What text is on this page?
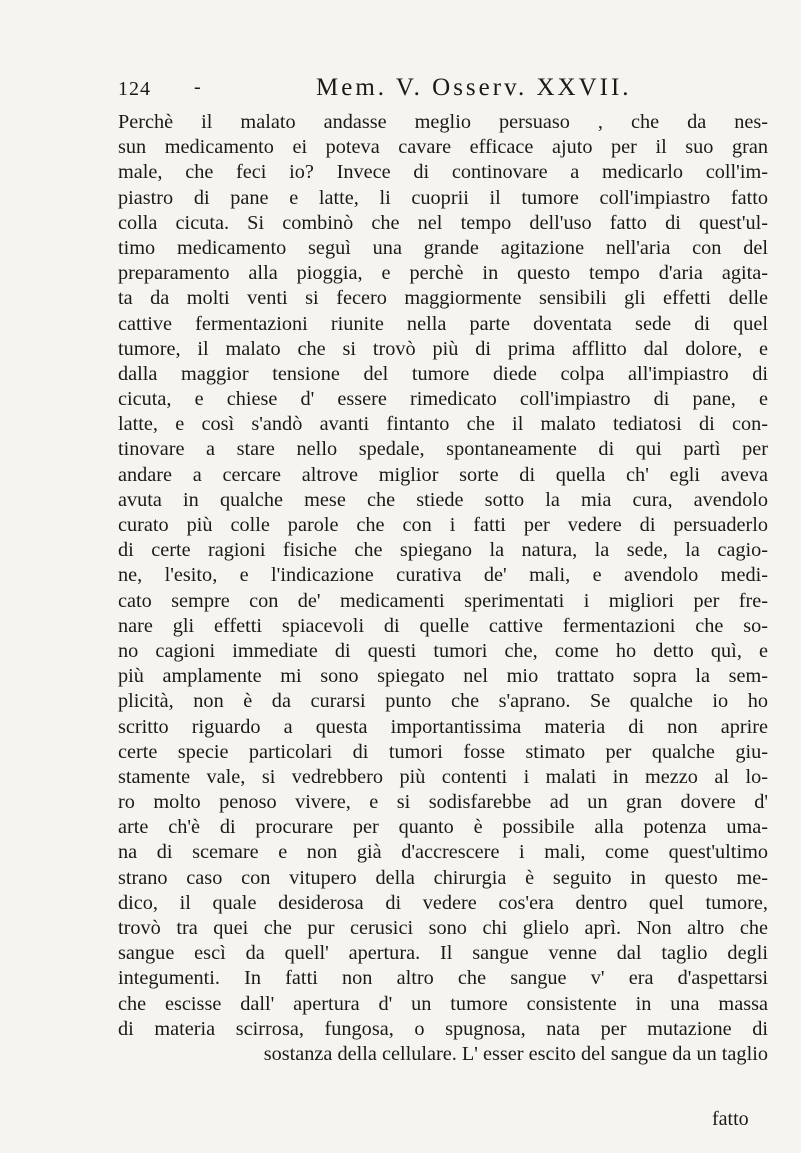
124 -	Mem. V. Osserv. XXVII.
Perchè il malato andasse meglio persuaso , che da nes-
sun medicamento ei poteva cavare efficace ajuto per il suo gran
male, che feci io? Invece di continovare a medicarlo coll'im-
piastro di pane e latte, li cuoprii il tumore coll'impiastro fatto
colla cicuta. Si combinò che nel tempo dell'uso fatto di quest'ul-
timo medicamento seguì una grande agitazione nell'aria con del
preparamento alla pioggia, e perchè in questo tempo d'aria agita-
ta da molti venti si fecero maggiormente sensibili gli effetti delle
cattive fermentazioni riunite nella parte doventata sede di quel
tumore, il malato che si trovò più di prima afflitto dal dolore, e
dalla maggior tensione del tumore diede colpa all'impiastro di
cicuta, e chiese d' essere rimedicato coll'impiastro di pane, e
latte, e così s'andò avanti fintanto che il malato tediatosi di con-
tinovare a stare nello spedale, spontaneamente di qui partì per
andare a cercare altrove miglior sorte di quella ch' egli aveva
avuta in qualche mese che stiede sotto la mia cura, avendolo
curato più colle parole che con i fatti per vedere di persuaderlo
di certe ragioni fisiche che spiegano la natura, la sede, la cagio-
ne, l'esito, e l'indicazione curativa de' mali, e avendolo medi-
cato sempre con de' medicamenti sperimentati i migliori per fre-
nare gli effetti spiacevoli di quelle cattive fermentazioni che so-
no cagioni immediate di questi tumori che, come ho detto quì, e
più amplamente mi sono spiegato nel mio trattato sopra la sem-
plicità, non è da curarsi punto che s'aprano. Se qualche io ho
scritto riguardo a questa importantissima materia di non aprire
certe specie particolari di tumori fosse stimato per qualche giu-
stamente vale, si vedrebbero più contenti i malati in mezzo al lo-
ro molto penoso vivere, e si sodisfarebbe ad un gran dovere d'
arte ch'è di procurare per quanto è possibile alla potenza uma-
na di scemare e non già d'accrescere i mali, come quest'ultimo
strano caso con vitupero della chirurgia è seguito in questo me-
dico, il quale desiderosa di vedere cos'era dentro quel tumore,
trovò tra quei che pur cerusici sono chi glielo aprì. Non altro che
sangue escì da quell' apertura. Il sangue venne dal taglio degli
integumenti. In fatti non altro che sangue v' era d'aspettarsi
che escisse dall' apertura d' un tumore consistente in una massa
di materia scirrosa, fungosa, o spugnosa, nata per mutazione di
sostanza della cellulare. L' esser escito del sangue da un taglio
fatto
